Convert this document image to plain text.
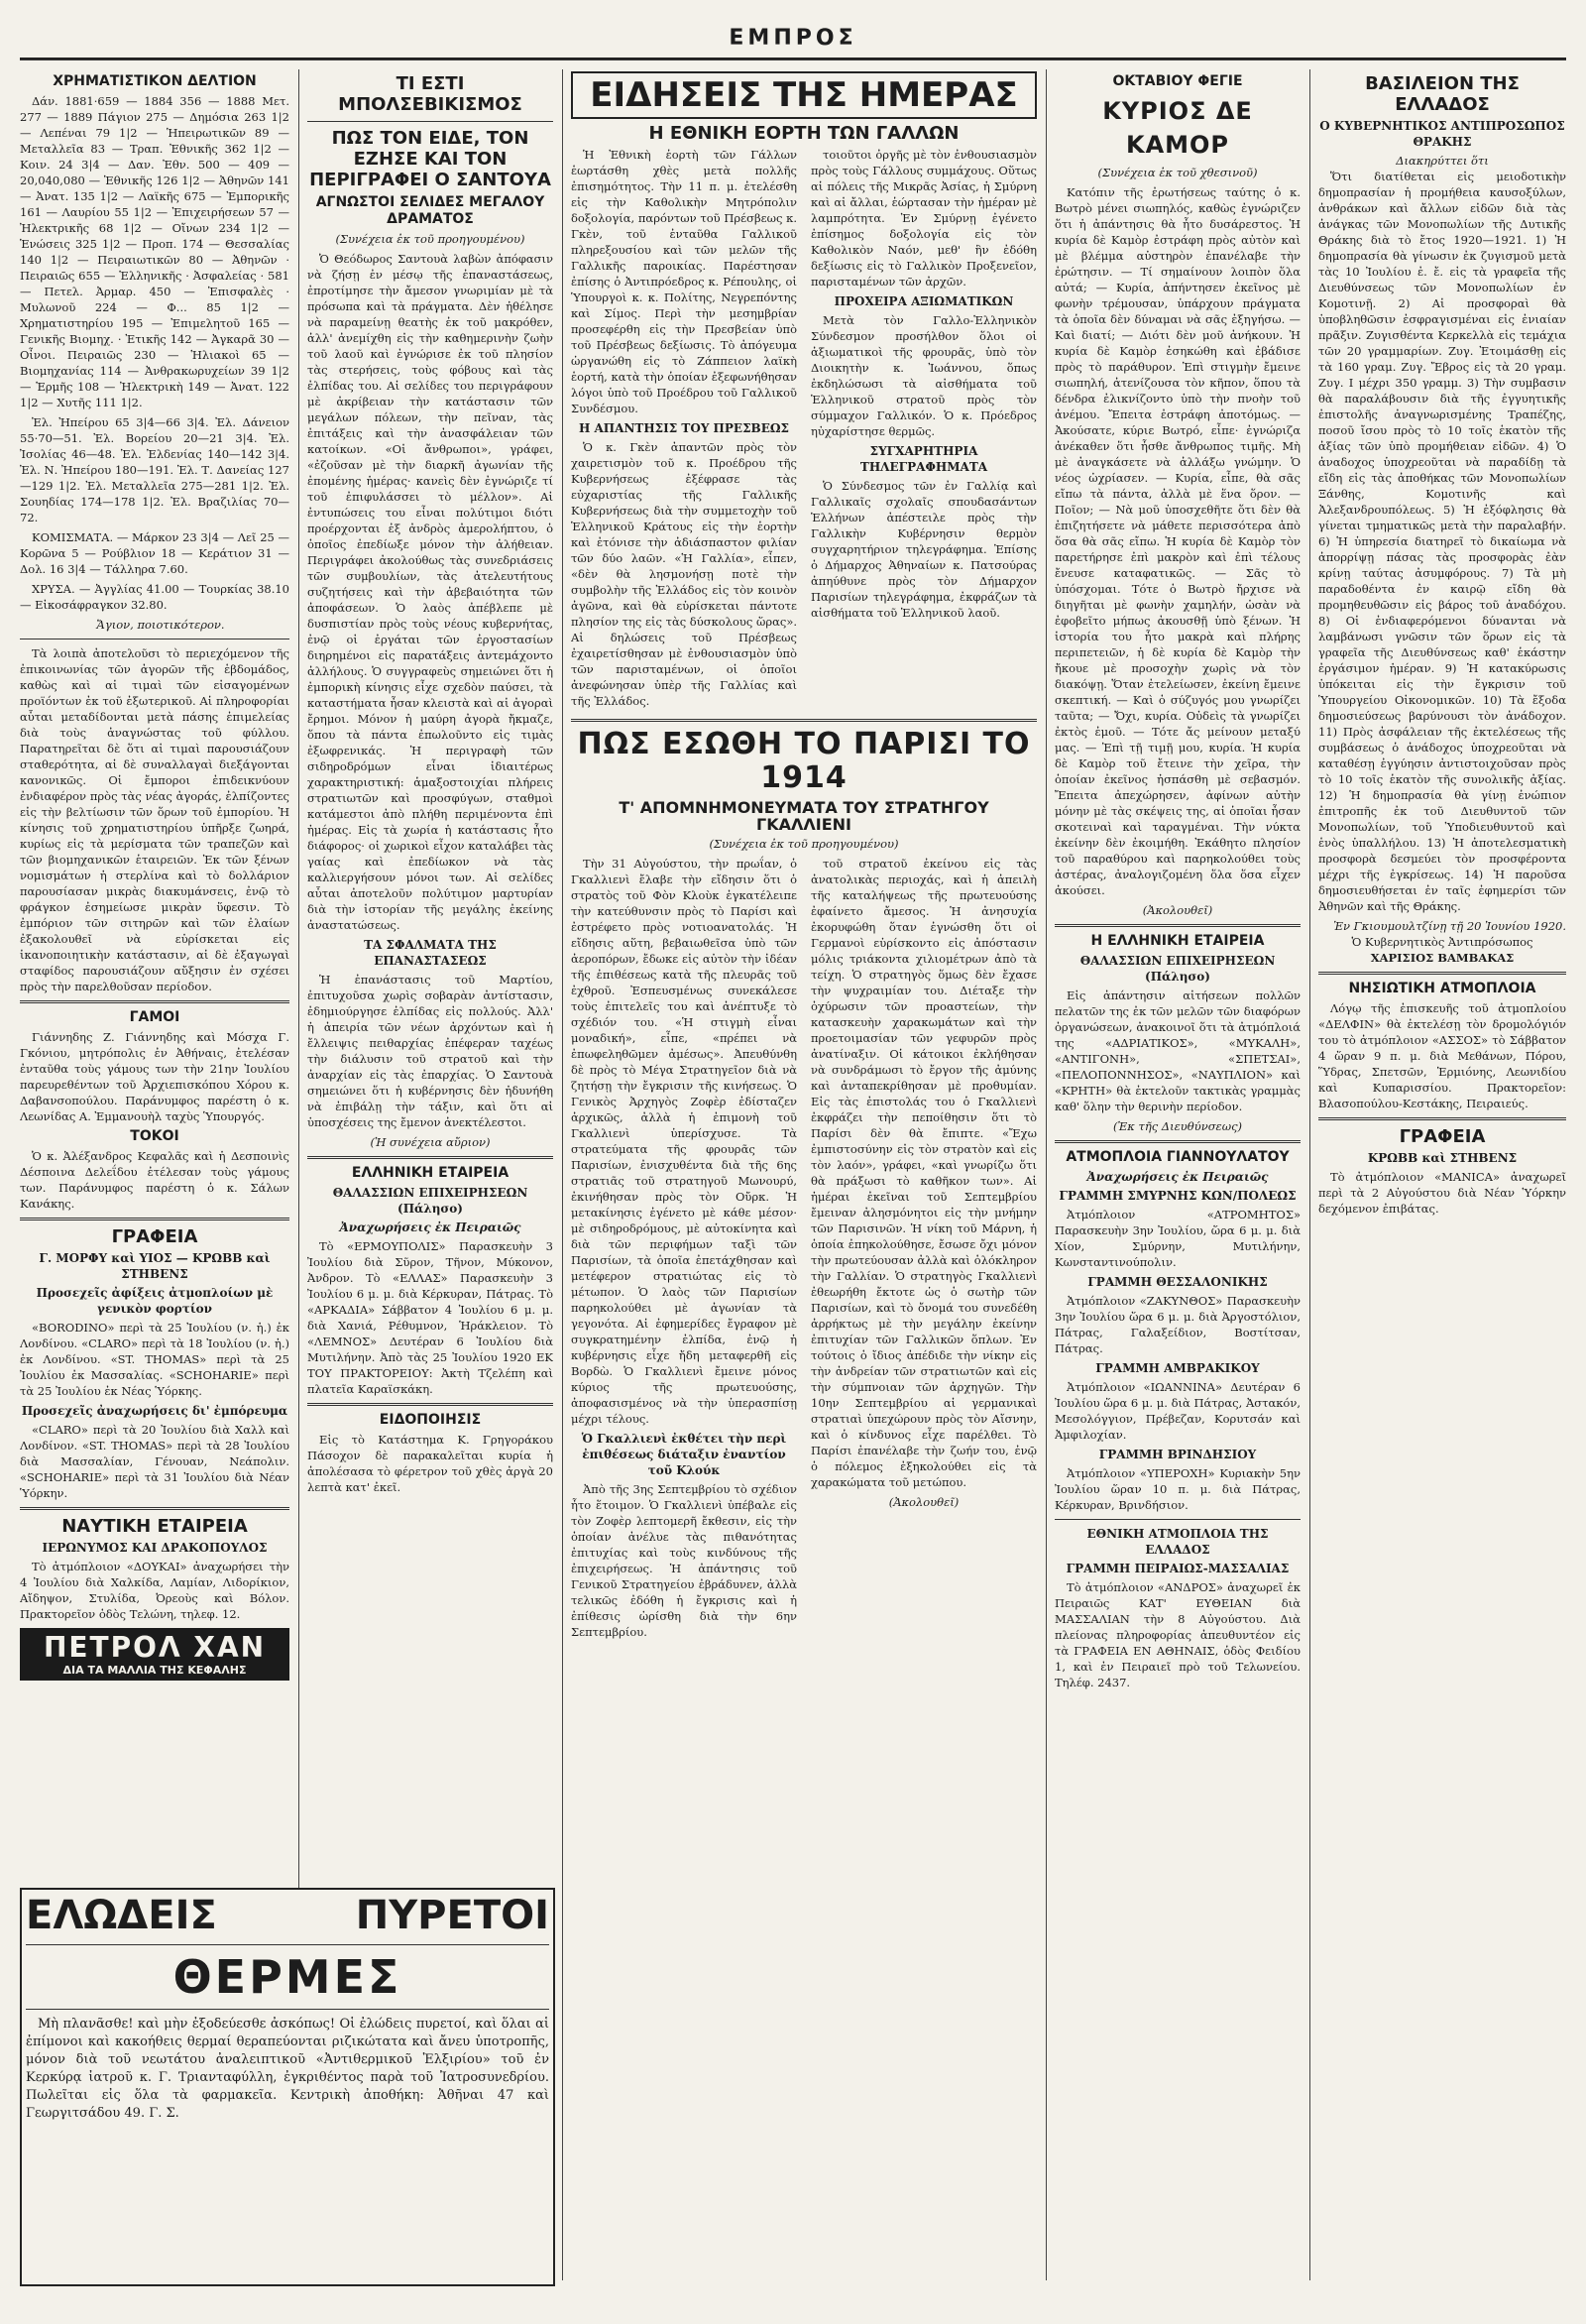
ΕΜΠΡΟΣ
ΧΡΗΜΑΤΙΣΤΙΚΟΝ ΔΕΛΤΙΟΝ

Δάν. 1881·659 — 1884 356 — 1888 Μετ. 277 — 1889 Πάγιον 275 — Δημόσια 263 1|2 — Λεπέναι 79 1|2 — Ἡπειρωτικῶν 89 — Μεταλλεῖα 83 — Τραπ. Ἐθνικῆς 362 1|2 — Κοιν. 24 3|4 — Δαν. Ἐθν. 500 — 409 — 20,040,080 — Ἐθνικῆς 126 1|2 — Ἀθηνῶν 141 — Ἀνατ. 135 1|2 — Λαϊκῆς 675 — Ἐμπορικῆς 161 — Λαυρίου 55 1|2 — Ἐπιχειρήσεων 57 — Ἠλεκτρικῆς 68 1|2 — Οἴνων 234 1|2 — Ἑνώσεις 325 1|2 — Προπ. 174 — Θεσσαλίας 140 1|2 — Πειραιωτικῶν 80 — Ἀθηνῶν · Πειραιῶς 655 — Ἑλληνικῆς · Ἀσφαλείας · 581 — Πετελ. Ἀρμαρ. 450 — Ἐπισφαλὲς · Μυλωνοῦ 224 — Φ... 85 1|2 — Χρηματιστηρίου 195 — Ἐπιμελητοῦ 165 — Γενικῆς Βιομηχ. · Ἐτικῆς 142 — Ἀγκαρᾶ 30 — Οἶνοι. Πειραιῶς 230 — Ἡλιακοὶ 65 — Βιομηχανίας 114 — Ἀνθρακωρυχείων 39 1|2 — Ἑρμῆς 108 — Ἠλεκτρικὴ 149 — Ἀνατ. 122 1|2 — Χυτῆς 111 1|2.

Ἐλ. Ἠπείρου 65 3|4—66 3|4. Ἐλ. Δάνειον 55·70—51. Ἐλ. Βορείου 20—21 3|4. Ἐλ. Ἰσολίας 46—48. Ἐλ. Ἐλδενίας 140—142 3|4. Ἐλ. Ν. Ἠπείρου 180—191. Ἐλ. Τ. Δανείας 127—129 1|2. Ἐλ. Μεταλλεῖα 275—281 1|2. Ἐλ. Σουηδίας 174—178 1|2. Ἐλ. Βραζιλίας 70—72.

ΚΟΜΙΣΜΑΤΑ. — Μάρκον 23 3|4 — Λεῖ 25 — Κορῶνα 5 — Ρούβλιον 18 — Κεράτιον 31 — Δολ. 16 3|4 — Τάλληρα 7.60.

ΧΡΥΣΑ. — Ἀγγλίας 41.00 — Τουρκίας 38.10 — Εἰκοσάφραγκον 32.80.

Ἄγιον, ποιοτικότερον.

Τὰ λοιπὰ ἀποτελοῦσι τὸ περιεχόμενον τῆς ἐπικοινωνίας τῶν ἀγορῶν τῆς ἑβδομάδος, καθὼς καὶ αἱ τιμαὶ τῶν εἰσαγομένων προϊόντων ἐκ τοῦ ἐξωτερικοῦ. Αἱ πληροφορίαι αὗται μεταδίδονται μετὰ πάσης ἐπιμελείας διὰ τοὺς ἀναγνώστας τοῦ φύλλου. Παρατηρεῖται δὲ ὅτι αἱ τιμαὶ παρουσιάζουν σταθερότητα, αἱ δὲ συναλλαγαὶ διεξάγονται κανονικῶς. Οἱ ἔμποροι ἐπιδεικνύουν ἐνδιαφέρον πρὸς τὰς νέας ἀγοράς, ἐλπίζοντες εἰς τὴν βελτίωσιν τῶν ὅρων τοῦ ἐμπορίου. Ἡ κίνησις τοῦ χρηματιστηρίου ὑπῆρξε ζωηρά, κυρίως εἰς τὰ μερίσματα τῶν τραπεζῶν καὶ τῶν βιομηχανικῶν ἑταιρειῶν. Ἐκ τῶν ξένων νομισμάτων ἡ στερλίνα καὶ τὸ δολλάριον παρουσίασαν μικρὰς διακυμάνσεις, ἐνῷ τὸ φράγκον ἐσημείωσε μικρὰν ὕφεσιν. Τὸ ἐμπόριον τῶν σιτηρῶν καὶ τῶν ἐλαίων ἐξακολουθεῖ νὰ εὑρίσκεται εἰς ἱκανοποιητικὴν κατάστασιν, αἱ δὲ ἐξαγωγαὶ σταφίδος παρουσιάζουν αὔξησιν ἐν σχέσει πρὸς τὴν παρελθοῦσαν περίοδον.

ΓΑΜΟΙ

Γιάννηδης Ζ. Γιάννηδης καὶ Μόσχα Γ. Γκόνιου, μητρόπολις ἐν Ἀθήναις, ἐτελέσαν ἐνταῦθα τοὺς γάμους των τὴν 21ην Ἰουλίου παρευρεθέντων τοῦ Ἀρχιεπισκόπου Χόρου κ. Δαβανσοπούλου. Παράνυμφος παρέστη ὁ κ. Λεωνίδας Α. Ἐμμανουὴλ ταχὺς Ὑπουργός.

ΤΟΚΟΙ

Ὁ κ. Ἀλέξανδρος Κεφαλᾶς καὶ ἡ Δεσποινὶς Δέσποινα Δελεΐδου ἐτέλεσαν τοὺς γάμους των. Παράνυμφος παρέστη ὁ κ. Σάλων Κανάκης.

ΓΡΑΦΕΙΑ
Γ. ΜΟΡΦΥ καὶ ΥΙΟΣ — ΚΡΩΒΒ καὶ ΣΤΗΒΕΝΣ
Προσεχεῖς ἀφίξεις ἀτμοπλοίων μὲ γενικὸν φορτίον

«BORODINO» περὶ τὰ 25 Ἰουλίου (ν. ἡ.) ἐκ Λονδίνου. «CLARO» περὶ τὰ 18 Ἰουλίου (ν. ἡ.) ἐκ Λονδίνου. «ST. THOMAS» περὶ τὰ 25 Ἰουλίου ἐκ Μασσαλίας. «SCHOHARIE» περὶ τὰ 25 Ἰουλίου ἐκ Νέας Ὑόρκης.

Προσεχεῖς ἀναχωρήσεις δι' ἐμπόρευμα

«CLARO» περὶ τὰ 20 Ἰουλίου διὰ Χαλλ καὶ Λονδίνον. «ST. THOMAS» περὶ τὰ 28 Ἰουλίου διὰ Μασσαλίαν, Γένουαν, Νεάπολιν. «SCHOHARIE» περὶ τὰ 31 Ἰουλίου διὰ Νέαν Ὑόρκην.

ΝΑΥΤΙΚΗ ΕΤΑΙΡΕΙΑ
ΙΕΡΩΝΥΜΟΣ ΚΑΙ ΔΡΑΚΟΠΟΥΛΟΣ

Τὸ ἀτμόπλοιον «ΔΟΥΚΑΙ» ἀναχωρήσει τὴν 4 Ἰουλίου διὰ Χαλκίδα, Λαμίαν, Λιδορίκιον, Αἴδηψον, Στυλίδα, Ὀρεοὺς καὶ Βόλον. Πρακτορεῖον ὁδὸς Τελώνη, τηλεφ. 12.

ΠΕΤΡΟΛ ΧΑΝ
ΔΙΑ ΤΑ ΜΑΛΛΙΑ ΤΗΣ ΚΕΦΑΛΗΣ
ΕΛΩΔΕΙΣ	ΠΥΡΕΤΟΙ
ΘΕΡΜΕΣ

Μὴ πλανᾶσθε! καὶ μὴν ἐξοδεύεσθε ἀσκόπως! Οἱ ἐλώδεις πυρετοί, καὶ ὅλαι αἱ ἐπίμονοι καὶ κακοήθεις θερμαί θεραπεύονται ριζικώτατα καὶ ἄνευ ὑποτροπῆς, μόνον διὰ τοῦ νεωτάτου ἀναλειπτικοῦ «Ἀντιθερμικοῦ Ἐλξιρίου» τοῦ ἐν Κερκύρᾳ ἰατροῦ κ. Γ. Τριανταφύλλη, ἐγκριθέντος παρὰ τοῦ Ἰατροσυνεδρίου. Πωλεῖται εἰς ὅλα τὰ φαρμακεῖα. Κεντρικὴ ἀποθήκη: Ἀθῆναι 47 καὶ Γεωργιτσάδου 49. Γ. Σ.

ΤΙ ΕΣΤΙ ΜΠΟΛΣΕΒΙΚΙΣΜΟΣ
ΠΩΣ ΤΟΝ ΕΙΔΕ, ΤΟΝ ΕΖΗΣΕ ΚΑΙ ΤΟΝ ΠΕΡΙΓΡΑΦΕΙ Ο ΣΑΝΤΟΥΑ
ΑΓΝΩΣΤΟΙ ΣΕΛΙΔΕΣ ΜΕΓΑΛΟΥ ΔΡΑΜΑΤΟΣ
(Συνέχεια ἐκ τοῦ προηγουμένου)

Ὁ Θεόδωρος Σαντουὰ λαβὼν ἀπόφασιν νὰ ζήσῃ ἐν μέσῳ τῆς ἐπαναστάσεως, ἐπροτίμησε τὴν ἄμεσον γνωριμίαν μὲ τὰ πρόσωπα καὶ τὰ πράγματα. Δὲν ἠθέλησε νὰ παραμείνῃ θεατὴς ἐκ τοῦ μακρόθεν, ἀλλ' ἀνεμίχθη εἰς τὴν καθημερινὴν ζωὴν τοῦ λαοῦ καὶ ἐγνώρισε ἐκ τοῦ πλησίον τὰς στερήσεις, τοὺς φόβους καὶ τὰς ἐλπίδας του. Αἱ σελίδες του περιγράφουν μὲ ἀκρίβειαν τὴν κατάστασιν τῶν μεγάλων πόλεων, τὴν πεῖναν, τὰς ἐπιτάξεις καὶ τὴν ἀνασφάλειαν τῶν κατοίκων. «Οἱ ἄνθρωποι», γράφει, «ἐζοῦσαν μὲ τὴν διαρκῆ ἀγωνίαν τῆς ἐπομένης ἡμέρας· κανεὶς δὲν ἐγνώριζε τί τοῦ ἐπιφυλάσσει τὸ μέλλον». Αἱ ἐντυπώσεις του εἶναι πολύτιμοι διότι προέρχονται ἐξ ἀνδρὸς ἀμερολήπτου, ὁ ὁποῖος ἐπεδίωξε μόνον τὴν ἀλήθειαν. Περιγράφει ἀκολούθως τὰς συνεδριάσεις τῶν συμβουλίων, τὰς ἀτελευτήτους συζητήσεις καὶ τὴν ἀβεβαιότητα τῶν ἀποφάσεων. Ὁ λαὸς ἀπέβλεπε μὲ δυσπιστίαν πρὸς τοὺς νέους κυβερνήτας, ἐνῷ οἱ ἐργάται τῶν ἐργοστασίων διηρημένοι εἰς παρατάξεις ἀντεμάχοντο ἀλλήλους. Ὁ συγγραφεὺς σημειώνει ὅτι ἡ ἐμπορικὴ κίνησις εἶχε σχεδὸν παύσει, τὰ καταστήματα ἦσαν κλειστὰ καὶ αἱ ἀγοραὶ ἔρημοι. Μόνον ἡ μαύρη ἀγορὰ ἤκμαζε, ὅπου τὰ πάντα ἐπωλοῦντο εἰς τιμὰς ἐξωφρενικάς. Ἡ περιγραφὴ τῶν σιδηροδρόμων εἶναι ἰδιαιτέρως χαρακτηριστική: ἁμαξοστοιχίαι πλήρεις στρατιωτῶν καὶ προσφύγων, σταθμοὶ κατάμεστοι ἀπὸ πλήθη περιμένοντα ἐπὶ ἡμέρας. Εἰς τὰ χωρία ἡ κατάστασις ἦτο διάφορος· οἱ χωρικοὶ εἶχον καταλάβει τὰς γαίας καὶ ἐπεδίωκον νὰ τὰς καλλιεργήσουν μόνοι των. Αἱ σελίδες αὗται ἀποτελοῦν πολύτιμον μαρτυρίαν διὰ τὴν ἱστορίαν τῆς μεγάλης ἐκείνης ἀναστατώσεως.

ΤΑ ΣΦΑΛΜΑΤΑ ΤΗΣ ΕΠΑΝΑΣΤΑΣΕΩΣ

Ἡ ἐπανάστασις τοῦ Μαρτίου, ἐπιτυχοῦσα χωρὶς σοβαρὰν ἀντίστασιν, ἐδημιούργησε ἐλπίδας εἰς πολλούς. Ἀλλ' ἡ ἀπειρία τῶν νέων ἀρχόντων καὶ ἡ ἔλλειψις πειθαρχίας ἐπέφεραν ταχέως τὴν διάλυσιν τοῦ στρατοῦ καὶ τὴν ἀναρχίαν εἰς τὰς ἐπαρχίας. Ὁ Σαντουὰ σημειώνει ὅτι ἡ κυβέρνησις δὲν ἠδυνήθη νὰ ἐπιβάλῃ τὴν τάξιν, καὶ ὅτι αἱ ὑποσχέσεις της ἔμενον ἀνεκτέλεστοι.

(Ἡ συνέχεια αὔριον)
ΕΛΛΗΝΙΚΗ ΕΤΑΙΡΕΙΑ
ΘΑΛΑΣΣΙΩΝ ΕΠΙΧΕΙΡΗΣΕΩΝ (Πάλησο)
Ἀναχωρήσεις ἐκ Πειραιῶς

Τὸ «ΕΡΜΟΥΠΟΛΙΣ» Παρασκευὴν 3 Ἰουλίου διὰ Σῦρον, Τῆνον, Μύκονον, Ἀνδρον. Τὸ «ΕΛΛΑΣ» Παρασκευὴν 3 Ἰουλίου 6 μ. μ. διὰ Κέρκυραν, Πάτρας. Τὸ «ΑΡΚΑΔΙΑ» Σάββατον 4 Ἰουλίου 6 μ. μ. διὰ Χανιά, Ρέθυμνον, Ἡράκλειον. Τὸ «ΛΕΜΝΟΣ» Δευτέραν 6 Ἰουλίου διὰ Μυτιλήνην. Ἀπὸ τὰς 25 Ἰουλίου 1920 ΕΚ ΤΟΥ ΠΡΑΚΤΟΡΕΙΟΥ: Ἀκτὴ Τζελέπη καὶ πλατεῖα Καραϊσκάκη.

ΕΙΔΟΠΟΙΗΣΙΣ

Εἰς τὸ Κατάστημα Κ. Γρηγοράκου Πάσοχον δὲ παρακαλεῖται κυρία ἡ ἀπολέσασα τὸ φέρετρον τοῦ χθὲς ἀργὰ 20 λεπτὰ κατ' ἐκεῖ.

ΕΙΔΗΣΕΙΣ ΤΗΣ ΗΜΕΡΑΣ
Η ΕΘΝΙΚΗ ΕΟΡΤΗ ΤΩΝ ΓΑΛΛΩΝ

Ἡ Ἐθνικὴ ἑορτὴ τῶν Γάλλων ἑωρτάσθη χθὲς μετὰ πολλῆς ἐπισημότητος. Τὴν 11 π. μ. ἐτελέσθη εἰς τὴν Καθολικὴν Μητρόπολιν δοξολογία, παρόντων τοῦ Πρέσβεως κ. Γκὲν, τοῦ ἐνταῦθα Γαλλικοῦ πληρεξουσίου καὶ τῶν μελῶν τῆς Γαλλικῆς παροικίας. Παρέστησαν ἐπίσης ὁ Ἀντιπρόεδρος κ. Ρέπουλης, οἱ Ὑπουργοὶ κ. κ. Πολίτης, Νεγρεπόντης καὶ Σίμος. Περὶ τὴν μεσημβρίαν προσεφέρθη εἰς τὴν Πρεσβείαν ὑπὸ τοῦ Πρέσβεως δεξίωσις. Τὸ ἀπόγευμα ὠργανώθη εἰς τὸ Ζάππειον λαϊκὴ ἑορτή, κατὰ τὴν ὁποίαν ἐξεφωνήθησαν λόγοι ὑπὸ τοῦ Προέδρου τοῦ Γαλλικοῦ Συνδέσμου.

Η ΑΠΑΝΤΗΣΙΣ ΤΟΥ ΠΡΕΣΒΕΩΣ

Ὁ κ. Γκὲν ἀπαντῶν πρὸς τὸν χαιρετισμὸν τοῦ κ. Προέδρου τῆς Κυβερνήσεως ἐξέφρασε τὰς εὐχαριστίας τῆς Γαλλικῆς Κυβερνήσεως διὰ τὴν συμμετοχὴν τοῦ Ἑλληνικοῦ Κράτους εἰς τὴν ἑορτὴν καὶ ἐτόνισε τὴν ἀδιάσπαστον φιλίαν τῶν δύο λαῶν. «Ἡ Γαλλία», εἶπεν, «δὲν θὰ λησμονήσῃ ποτὲ τὴν συμβολὴν τῆς Ἑλλάδος εἰς τὸν κοινὸν ἀγῶνα, καὶ θὰ εὑρίσκεται πάντοτε πλησίον της εἰς τὰς δύσκολους ὥρας». Αἱ δηλώσεις τοῦ Πρέσβεως ἐχαιρετίσθησαν μὲ ἐνθουσιασμὸν ὑπὸ τῶν παρισταμένων, οἱ ὁποῖοι ἀνεφώνησαν ὑπὲρ τῆς Γαλλίας καὶ τῆς Ἑλλάδος.

τοιοῦτοι ὀργῆς μὲ τὸν ἐνθουσιασμὸν πρὸς τοὺς Γάλλους συμμάχους. Οὕτως αἱ πόλεις τῆς Μικρᾶς Ἀσίας, ἡ Σμύρνη καὶ αἱ ἄλλαι, ἑώρτασαν τὴν ἡμέραν μὲ λαμπρότητα. Ἐν Σμύρνῃ ἐγένετο ἐπίσημος δοξολογία εἰς τὸν Καθολικὸν Ναόν, μεθ' ἣν ἐδόθη δεξίωσις εἰς τὸ Γαλλικὸν Προξενεῖον, παρισταμένων τῶν ἀρχῶν.

ΠΡΟΧΕΙΡΑ ΑΞΙΩΜΑΤΙΚΩΝ

Μετὰ τὸν Γαλλο-Ἑλληνικὸν Σύνδεσμον προσήλθον ὅλοι οἱ ἀξιωματικοὶ τῆς φρουρᾶς, ὑπὸ τὸν Διοικητὴν κ. Ἰωάννου, ὅπως ἐκδηλώσωσι τὰ αἰσθήματα τοῦ Ἑλληνικοῦ στρατοῦ πρὸς τὸν σύμμαχον Γαλλικόν. Ὁ κ. Πρόεδρος ηὐχαρίστησε θερμῶς.

ΣΥΓΧΑΡΗΤΗΡΙΑ ΤΗΛΕΓΡΑΦΗΜΑΤΑ

Ὁ Σύνδεσμος τῶν ἐν Γαλλίᾳ καὶ Γαλλικαῖς σχολαῖς σπουδασάντων Ἑλλήνων ἀπέστειλε πρὸς τὴν Γαλλικὴν Κυβέρνησιν θερμὸν συγχαρητήριον τηλεγράφημα. Ἐπίσης ὁ Δήμαρχος Ἀθηναίων κ. Πατσούρας ἀπηύθυνε πρὸς τὸν Δήμαρχον Παρισίων τηλεγράφημα, ἐκφράζων τὰ αἰσθήματα τοῦ Ἑλληνικοῦ λαοῦ.

ΠΩΣ ΕΣΩΘΗ ΤΟ ΠΑΡΙΣΙ ΤΟ 1914
Τ' ΑΠΟΜΝΗΜΟΝΕΥΜΑΤΑ ΤΟΥ ΣΤΡΑΤΗΓΟΥ ΓΚΑΛΛΙΕΝΙ
(Συνέχεια ἐκ τοῦ προηγουμένου)

Τὴν 31 Αὐγούστου, τὴν πρωΐαν, ὁ Γκαλλιενὶ ἔλαβε τὴν εἴδησιν ὅτι ὁ στρατὸς τοῦ Φὸν Κλοὺκ ἐγκατέλειπε τὴν κατεύθυνσιν πρὸς τὸ Παρίσι καὶ ἐστρέφετο πρὸς νοτιοανατολάς. Ἡ εἴδησις αὕτη, βεβαιωθεῖσα ὑπὸ τῶν ἀεροπόρων, ἔδωκε εἰς αὐτὸν τὴν ἰδέαν τῆς ἐπιθέσεως κατὰ τῆς πλευρᾶς τοῦ ἐχθροῦ. Ἐσπευσμένως συνεκάλεσε τοὺς ἐπιτελεῖς του καὶ ἀνέπτυξε τὸ σχέδιόν του. «Ἡ στιγμὴ εἶναι μοναδική», εἶπε, «πρέπει νὰ ἐπωφεληθῶμεν ἀμέσως». Ἀπευθύνθη δὲ πρὸς τὸ Μέγα Στρατηγεῖον διὰ νὰ ζητήσῃ τὴν ἔγκρισιν τῆς κινήσεως. Ὁ Γενικὸς Ἀρχηγὸς Ζοφὲρ ἐδίσταζεν ἀρχικῶς, ἀλλὰ ἡ ἐπιμονὴ τοῦ Γκαλλιενὶ ὑπερίσχυσε. Τὰ στρατεύματα τῆς φρουρᾶς τῶν Παρισίων, ἐνισχυθέντα διὰ τῆς 6ης στρατιᾶς τοῦ στρατηγοῦ Μωνουρύ, ἐκινήθησαν πρὸς τὸν Οὔρκ. Ἡ μετακίνησις ἐγένετο μὲ κάθε μέσον· μὲ σιδηροδρόμους, μὲ αὐτοκίνητα καὶ διὰ τῶν περιφήμων ταξὶ τῶν Παρισίων, τὰ ὁποῖα ἐπετάχθησαν καὶ μετέφερον στρατιώτας εἰς τὸ μέτωπον. Ὁ λαὸς τῶν Παρισίων παρηκολούθει μὲ ἀγωνίαν τὰ γεγονότα. Αἱ ἐφημερίδες ἔγραφον μὲ συγκρατημένην ἐλπίδα, ἐνῷ ἡ κυβέρνησις εἶχε ἤδη μεταφερθῆ εἰς Βορδὼ. Ὁ Γκαλλιενὶ ἔμεινε μόνος κύριος τῆς πρωτευούσης, ἀποφασισμένος νὰ τὴν ὑπερασπίσῃ μέχρι τέλους.

Ὁ Γκαλλιενὶ ἐκθέτει τὴν περὶ ἐπιθέσεως διάταξιν ἐναντίον τοῦ Κλούκ

Ἀπὸ τῆς 3ης Σεπτεμβρίου τὸ σχέδιον ἦτο ἕτοιμον. Ὁ Γκαλλιενὶ ὑπέβαλε εἰς τὸν Ζοφὲρ λεπτομερῆ ἔκθεσιν, εἰς τὴν ὁποίαν ἀνέλυε τὰς πιθανότητας ἐπιτυχίας καὶ τοὺς κινδύνους τῆς ἐπιχειρήσεως. Ἡ ἀπάντησις τοῦ Γενικοῦ Στρατηγείου ἐβράδυνεν, ἀλλὰ τελικῶς ἐδόθη ἡ ἔγκρισις καὶ ἡ ἐπίθεσις ὡρίσθη διὰ τὴν 6ην Σεπτεμβρίου.

τοῦ στρατοῦ ἐκείνου εἰς τὰς ἀνατολικὰς περιοχάς, καὶ ἡ ἀπειλὴ τῆς καταλήψεως τῆς πρωτευούσης ἐφαίνετο ἄμεσος. Ἡ ἀνησυχία ἐκορυφώθη ὅταν ἐγνώσθη ὅτι οἱ Γερμανοὶ εὑρίσκοντο εἰς ἀπόστασιν μόλις τριάκοντα χιλιομέτρων ἀπὸ τὰ τείχη. Ὁ στρατηγὸς ὅμως δὲν ἔχασε τὴν ψυχραιμίαν του. Διέταξε τὴν ὀχύρωσιν τῶν προαστείων, τὴν κατασκευὴν χαρακωμάτων καὶ τὴν προετοιμασίαν τῶν γεφυρῶν πρὸς ἀνατίναξιν. Οἱ κάτοικοι ἐκλήθησαν νὰ συνδράμωσι τὸ ἔργον τῆς ἀμύνης καὶ ἀνταπεκρίθησαν μὲ προθυμίαν. Εἰς τὰς ἐπιστολάς του ὁ Γκαλλιενὶ ἐκφράζει τὴν πεποίθησιν ὅτι τὸ Παρίσι δὲν θὰ ἔπιπτε. «Ἔχω ἐμπιστοσύνην εἰς τὸν στρατὸν καὶ εἰς τὸν λαόν», γράφει, «καὶ γνωρίζω ὅτι θὰ πράξωσι τὸ καθῆκον των». Αἱ ἡμέραι ἐκεῖναι τοῦ Σεπτεμβρίου ἔμειναν ἀλησμόνητοι εἰς τὴν μνήμην τῶν Παρισινῶν. Ἡ νίκη τοῦ Μάρνη, ἡ ὁποία ἐπηκολούθησε, ἔσωσε ὄχι μόνον τὴν πρωτεύουσαν ἀλλὰ καὶ ὁλόκληρον τὴν Γαλλίαν. Ὁ στρατηγὸς Γκαλλιενὶ ἐθεωρήθη ἔκτοτε ὡς ὁ σωτὴρ τῶν Παρισίων, καὶ τὸ ὄνομά του συνεδέθη ἀρρήκτως μὲ τὴν μεγάλην ἐκείνην ἐπιτυχίαν τῶν Γαλλικῶν ὅπλων. Ἐν τούτοις ὁ ἴδιος ἀπέδιδε τὴν νίκην εἰς τὴν ἀνδρείαν τῶν στρατιωτῶν καὶ εἰς τὴν σύμπνοιαν τῶν ἀρχηγῶν. Τὴν 10ην Σεπτεμβρίου αἱ γερμανικαὶ στρατιαὶ ὑπεχώρουν πρὸς τὸν Αἴσνην, καὶ ὁ κίνδυνος εἶχε παρέλθει. Τὸ Παρίσι ἐπανέλαβε τὴν ζωήν του, ἐνῷ ὁ πόλεμος ἐξηκολούθει εἰς τὰ χαρακώματα τοῦ μετώπου.

(Ἀκολουθεῖ)
ΟΚΤΑΒΙΟΥ ΦΕΓΙΕ
ΚΥΡΙΟΣ ΔΕ ΚΑΜΟΡ
(Συνέχεια ἐκ τοῦ χθεσινοῦ)

Κατόπιν τῆς ἐρωτήσεως ταύτης ὁ κ. Βωτρὸ μένει σιωπηλός, καθὼς ἐγνώριζεν ὅτι ἡ ἀπάντησις θὰ ἦτο δυσάρεστος. Ἡ κυρία δὲ Καμὸρ ἐστράφη πρὸς αὐτὸν καὶ μὲ βλέμμα αὐστηρὸν ἐπανέλαβε τὴν ἐρώτησιν. — Τί σημαίνουν λοιπὸν ὅλα αὐτά; — Κυρία, ἀπήντησεν ἐκεῖνος μὲ φωνὴν τρέμουσαν, ὑπάρχουν πράγματα τὰ ὁποῖα δὲν δύναμαι νὰ σᾶς ἐξηγήσω. — Καὶ διατί; — Διότι δὲν μοῦ ἀνήκουν. Ἡ κυρία δὲ Καμὸρ ἐσηκώθη καὶ ἐβάδισε πρὸς τὸ παράθυρον. Ἐπὶ στιγμὴν ἔμεινε σιωπηλή, ἀτενίζουσα τὸν κῆπον, ὅπου τὰ δένδρα ἐλικνίζοντο ὑπὸ τὴν πνοὴν τοῦ ἀνέμου. Ἔπειτα ἐστράφη ἀποτόμως. — Ἀκούσατε, κύριε Βωτρό, εἶπε· ἐγνώριζα ἀνέκαθεν ὅτι ἦσθε ἄνθρωπος τιμῆς. Μὴ μὲ ἀναγκάσετε νὰ ἀλλάξω γνώμην. Ὁ νέος ὠχρίασεν. — Κυρία, εἶπε, θὰ σᾶς εἴπω τὰ πάντα, ἀλλὰ μὲ ἕνα ὅρον. — Ποῖον; — Νὰ μοῦ ὑποσχεθῆτε ὅτι δὲν θὰ ἐπιζητήσετε νὰ μάθετε περισσότερα ἀπὸ ὅσα θὰ σᾶς εἴπω. Ἡ κυρία δὲ Καμὸρ τὸν παρετήρησε ἐπὶ μακρὸν καὶ ἐπὶ τέλους ἔνευσε καταφατικῶς. — Σᾶς τὸ ὑπόσχομαι. Τότε ὁ Βωτρὸ ἤρχισε νὰ διηγῆται μὲ φωνὴν χαμηλήν, ὡσὰν νὰ ἐφοβεῖτο μήπως ἀκουσθῇ ὑπὸ ξένων. Ἡ ἱστορία του ἦτο μακρὰ καὶ πλήρης περιπετειῶν, ἡ δὲ κυρία δὲ Καμὸρ τὴν ἤκουε μὲ προσοχὴν χωρὶς νὰ τὸν διακόψῃ. Ὅταν ἐτελείωσεν, ἐκείνη ἔμεινε σκεπτική. — Καὶ ὁ σύζυγός μου γνωρίζει ταῦτα; — Ὄχι, κυρία. Οὐδεὶς τὰ γνωρίζει ἐκτὸς ἐμοῦ. — Τότε ἄς μείνουν μεταξύ μας. — Ἐπὶ τῇ τιμῇ μου, κυρία. Ἡ κυρία δὲ Καμὸρ τοῦ ἔτεινε τὴν χεῖρα, τὴν ὁποίαν ἐκεῖνος ἠσπάσθη μὲ σεβασμόν. Ἔπειτα ἀπεχώρησεν, ἀφίνων αὐτὴν μόνην μὲ τὰς σκέψεις της, αἱ ὁποῖαι ἦσαν σκοτειναὶ καὶ ταραγμέναι. Τὴν νύκτα ἐκείνην δὲν ἐκοιμήθη. Ἐκάθητο πλησίον τοῦ παραθύρου καὶ παρηκολούθει τοὺς ἀστέρας, ἀναλογιζομένη ὅλα ὅσα εἶχεν ἀκούσει.

(Ἀκολουθεῖ)
Η ΕΛΛΗΝΙΚΗ ΕΤΑΙΡΕΙΑ
ΘΑΛΑΣΣΙΩΝ ΕΠΙΧΕΙΡΗΣΕΩΝ (Πάλησο)

Εἰς ἀπάντησιν αἰτήσεων πολλῶν πελατῶν της ἐκ τῶν μελῶν τῶν διαφόρων ὀργανώσεων, ἀνακοινοῖ ὅτι τὰ ἀτμόπλοιά της «ΑΔΡΙΑΤΙΚΟΣ», «ΜΥΚΑΛΗ», «ΑΝΤΙΓΟΝΗ», «ΣΠΕΤΣΑΙ», «ΠΕΛΟΠΟΝΝΗΣΟΣ», «ΝΑΥΠΛΙΟΝ» καὶ «ΚΡΗΤΗ» θὰ ἐκτελοῦν τακτικὰς γραμμὰς καθ' ὅλην τὴν θερινὴν περίοδον.

(Ἐκ τῆς Διευθύνσεως)
ΑΤΜΟΠΛΟΙΑ ΓΙΑΝΝΟΥΛΑΤΟΥ
Ἀναχωρήσεις ἐκ Πειραιῶς
ΓΡΑΜΜΗ ΣΜΥΡΝΗΣ ΚΩΝ/ΠΟΛΕΩΣ

Ἀτμόπλοιον «ΑΤΡΟΜΗΤΟΣ» Παρασκευὴν 3ην Ἰουλίου, ὥρα 6 μ. μ. διὰ Χίον, Σμύρνην, Μυτιλήνην, Κωνσταντινούπολιν.

ΓΡΑΜΜΗ ΘΕΣΣΑΛΟΝΙΚΗΣ

Ἀτμόπλοιον «ΖΑΚΥΝΘΟΣ» Παρασκευὴν 3ην Ἰουλίου ὥρα 6 μ. μ. διὰ Ἀργοστόλιον, Πάτρας, Γαλαξείδιον, Βοστίτσαν, Πάτρας.

ΓΡΑΜΜΗ ΑΜΒΡΑΚΙΚΟΥ

Ἀτμόπλοιον «ΙΩΑΝΝΙΝΑ» Δευτέραν 6 Ἰουλίου ὥρα 6 μ. μ. διὰ Πάτρας, Ἀστακόν, Μεσολόγγιον, Πρέβεζαν, Κορυτσάν καὶ Ἀμφιλοχίαν.

ΓΡΑΜΜΗ ΒΡΙΝΔΗΣΙΟΥ

Ἀτμόπλοιον «ΥΠΕΡΟΧΗ» Κυριακὴν 5ην Ἰουλίου ὥραν 10 π. μ. διὰ Πάτρας, Κέρκυραν, Βρινδήσιον.

ΕΘΝΙΚΗ ΑΤΜΟΠΛΟΙΑ ΤΗΣ ΕΛΛΑΔΟΣ
ΓΡΑΜΜΗ ΠΕΙΡΑΙΩΣ-ΜΑΣΣΑΛΙΑΣ

Τὸ ἀτμόπλοιον «ΑΝΔΡΟΣ» ἀναχωρεῖ ἐκ Πειραιῶς ΚΑΤ' ΕΥΘΕΙΑΝ διὰ ΜΑΣΣΑΛΙΑΝ τὴν 8 Αὐγούστου. Διὰ πλείονας πληροφορίας ἀπευθυντέον εἰς τὰ ΓΡΑΦΕΙΑ ΕΝ ΑΘΗΝΑΙΣ, ὁδὸς Φειδίου 1, καὶ ἐν Πειραιεῖ πρὸ τοῦ Τελωνείου. Τηλέφ. 2437.

ΒΑΣΙΛΕΙΟΝ ΤΗΣ ΕΛΛΑΔΟΣ
Ο ΚΥΒΕΡΝΗΤΙΚΟΣ ΑΝΤΙΠΡΟΣΩΠΟΣ ΘΡΑΚΗΣ
Διακηρύττει ὅτι

Ὅτι διατίθεται εἰς μειοδοτικὴν δημοπρασίαν ἡ προμήθεια καυσοξύλων, ἀνθράκων καὶ ἄλλων εἰδῶν διὰ τὰς ἀνάγκας τῶν Μονοπωλίων τῆς Δυτικῆς Θράκης διὰ τὸ ἔτος 1920—1921. 1) Ἡ δημοπρασία θὰ γίνωσιν ἐκ ζυγισμοῦ μετὰ τὰς 10 Ἰουλίου ἐ. ἔ. εἰς τὰ γραφεῖα τῆς Διευθύνσεως τῶν Μονοπωλίων ἐν Κομοτινῇ. 2) Αἱ προσφοραὶ θὰ ὑποβληθῶσιν ἐσφραγισμέναι εἰς ἐνιαίαν πρᾶξιν. Ζυγισθέντα Κερκελλὰ εἰς τεμάχια τῶν 20 γραμμαρίων. Ζυγ. Ἐτοιμάσθῃ εἰς τὰ 160 γραμ. Ζυγ. Ἔβρος εἰς τὰ 20 γραμ. Ζυγ. I μέχρι 350 γραμμ. 3) Τὴν συμβασιν θὰ παραλάβουσιν διὰ τῆς ἐγγυητικῆς ἐπιστολῆς ἀναγνωρισμένης Τραπέζης, ποσοῦ ἴσου πρὸς τὸ 10 τοῖς ἑκατὸν τῆς ἀξίας τῶν ὑπὸ προμήθειαν εἰδῶν. 4) Ὁ ἀναδοχος ὑποχρεοῦται νὰ παραδίδῃ τὰ εἴδη εἰς τὰς ἀποθήκας τῶν Μονοπωλίων Ξάνθης, Κομοτινῆς καὶ Ἀλεξανδρουπόλεως. 5) Ἡ ἐξόφλησις θὰ γίνεται τμηματικῶς μετὰ τὴν παραλαβήν. 6) Ἡ ὑπηρεσία διατηρεῖ τὸ δικαίωμα νὰ ἀπορρίψῃ πάσας τὰς προσφορὰς ἐὰν κρίνῃ ταύτας ἀσυμφόρους. 7) Τὰ μὴ παραδοθέντα ἐν καιρῷ εἴδη θὰ προμηθευθῶσιν εἰς βάρος τοῦ ἀναδόχου. 8) Οἱ ἐνδιαφερόμενοι δύνανται νὰ λαμβάνωσι γνῶσιν τῶν ὅρων εἰς τὰ γραφεῖα τῆς Διευθύνσεως καθ' ἑκάστην ἐργάσιμον ἡμέραν. 9) Ἡ κατακύρωσις ὑπόκειται εἰς τὴν ἔγκρισιν τοῦ Ὑπουργείου Οἰκονομικῶν. 10) Τὰ ἔξοδα δημοσιεύσεως βαρύνουσι τὸν ἀνάδοχον. 11) Πρὸς ἀσφάλειαν τῆς ἐκτελέσεως τῆς συμβάσεως ὁ ἀνάδοχος ὑποχρεοῦται νὰ καταθέσῃ ἐγγύησιν ἀντιστοιχοῦσαν πρὸς τὸ 10 τοῖς ἑκατὸν τῆς συνολικῆς ἀξίας. 12) Ἡ δημοπρασία θὰ γίνῃ ἐνώπιον ἐπιτροπῆς ἐκ τοῦ Διευθυντοῦ τῶν Μονοπωλίων, τοῦ Ὑποδιευθυντοῦ καὶ ἑνὸς ὑπαλλήλου. 13) Ἡ ἀποτελεσματικὴ προσφορὰ δεσμεύει τὸν προσφέροντα μέχρι τῆς ἐγκρίσεως. 14) Ἡ παροῦσα δημοσιευθήσεται ἐν ταῖς ἐφημερίσι τῶν Ἀθηνῶν καὶ τῆς Θράκης.

Ἐν Γκιουμουλτζίνῃ τῇ 20 Ἰουνίου 1920.
Ὁ Κυβερνητικὸς Ἀντιπρόσωπος
ΧΑΡΙΣΙΟΣ ΒΑΜΒΑΚΑΣ
ΝΗΣΙΩΤΙΚΗ ΑΤΜΟΠΛΟΙΑ

Λόγῳ τῆς ἐπισκευῆς τοῦ ἀτμοπλοίου «ΔΕΛΦΙΝ» θὰ ἐκτελέσῃ τὸν δρομολόγιόν του τὸ ἀτμόπλοιον «ΑΣΣΟΣ» τὸ Σάββατον 4 ὥραν 9 π. μ. διὰ Μεθάνων, Πόρου, Ὕδρας, Σπετσῶν, Ἑρμιόνης, Λεωνιδίου καὶ Κυπαρισσίου. Πρακτορεῖον: Βλασοπούλου-Κεστάκης, Πειραιεύς.

ΓΡΑΦΕΙΑ
ΚΡΩΒΒ καὶ ΣΤΗΒΕΝΣ

Τὸ ἀτμόπλοιον «MANICA» ἀναχωρεῖ περὶ τὰ 2 Αὐγούστου διὰ Νέαν Ὑόρκην δεχόμενον ἐπιβάτας.
